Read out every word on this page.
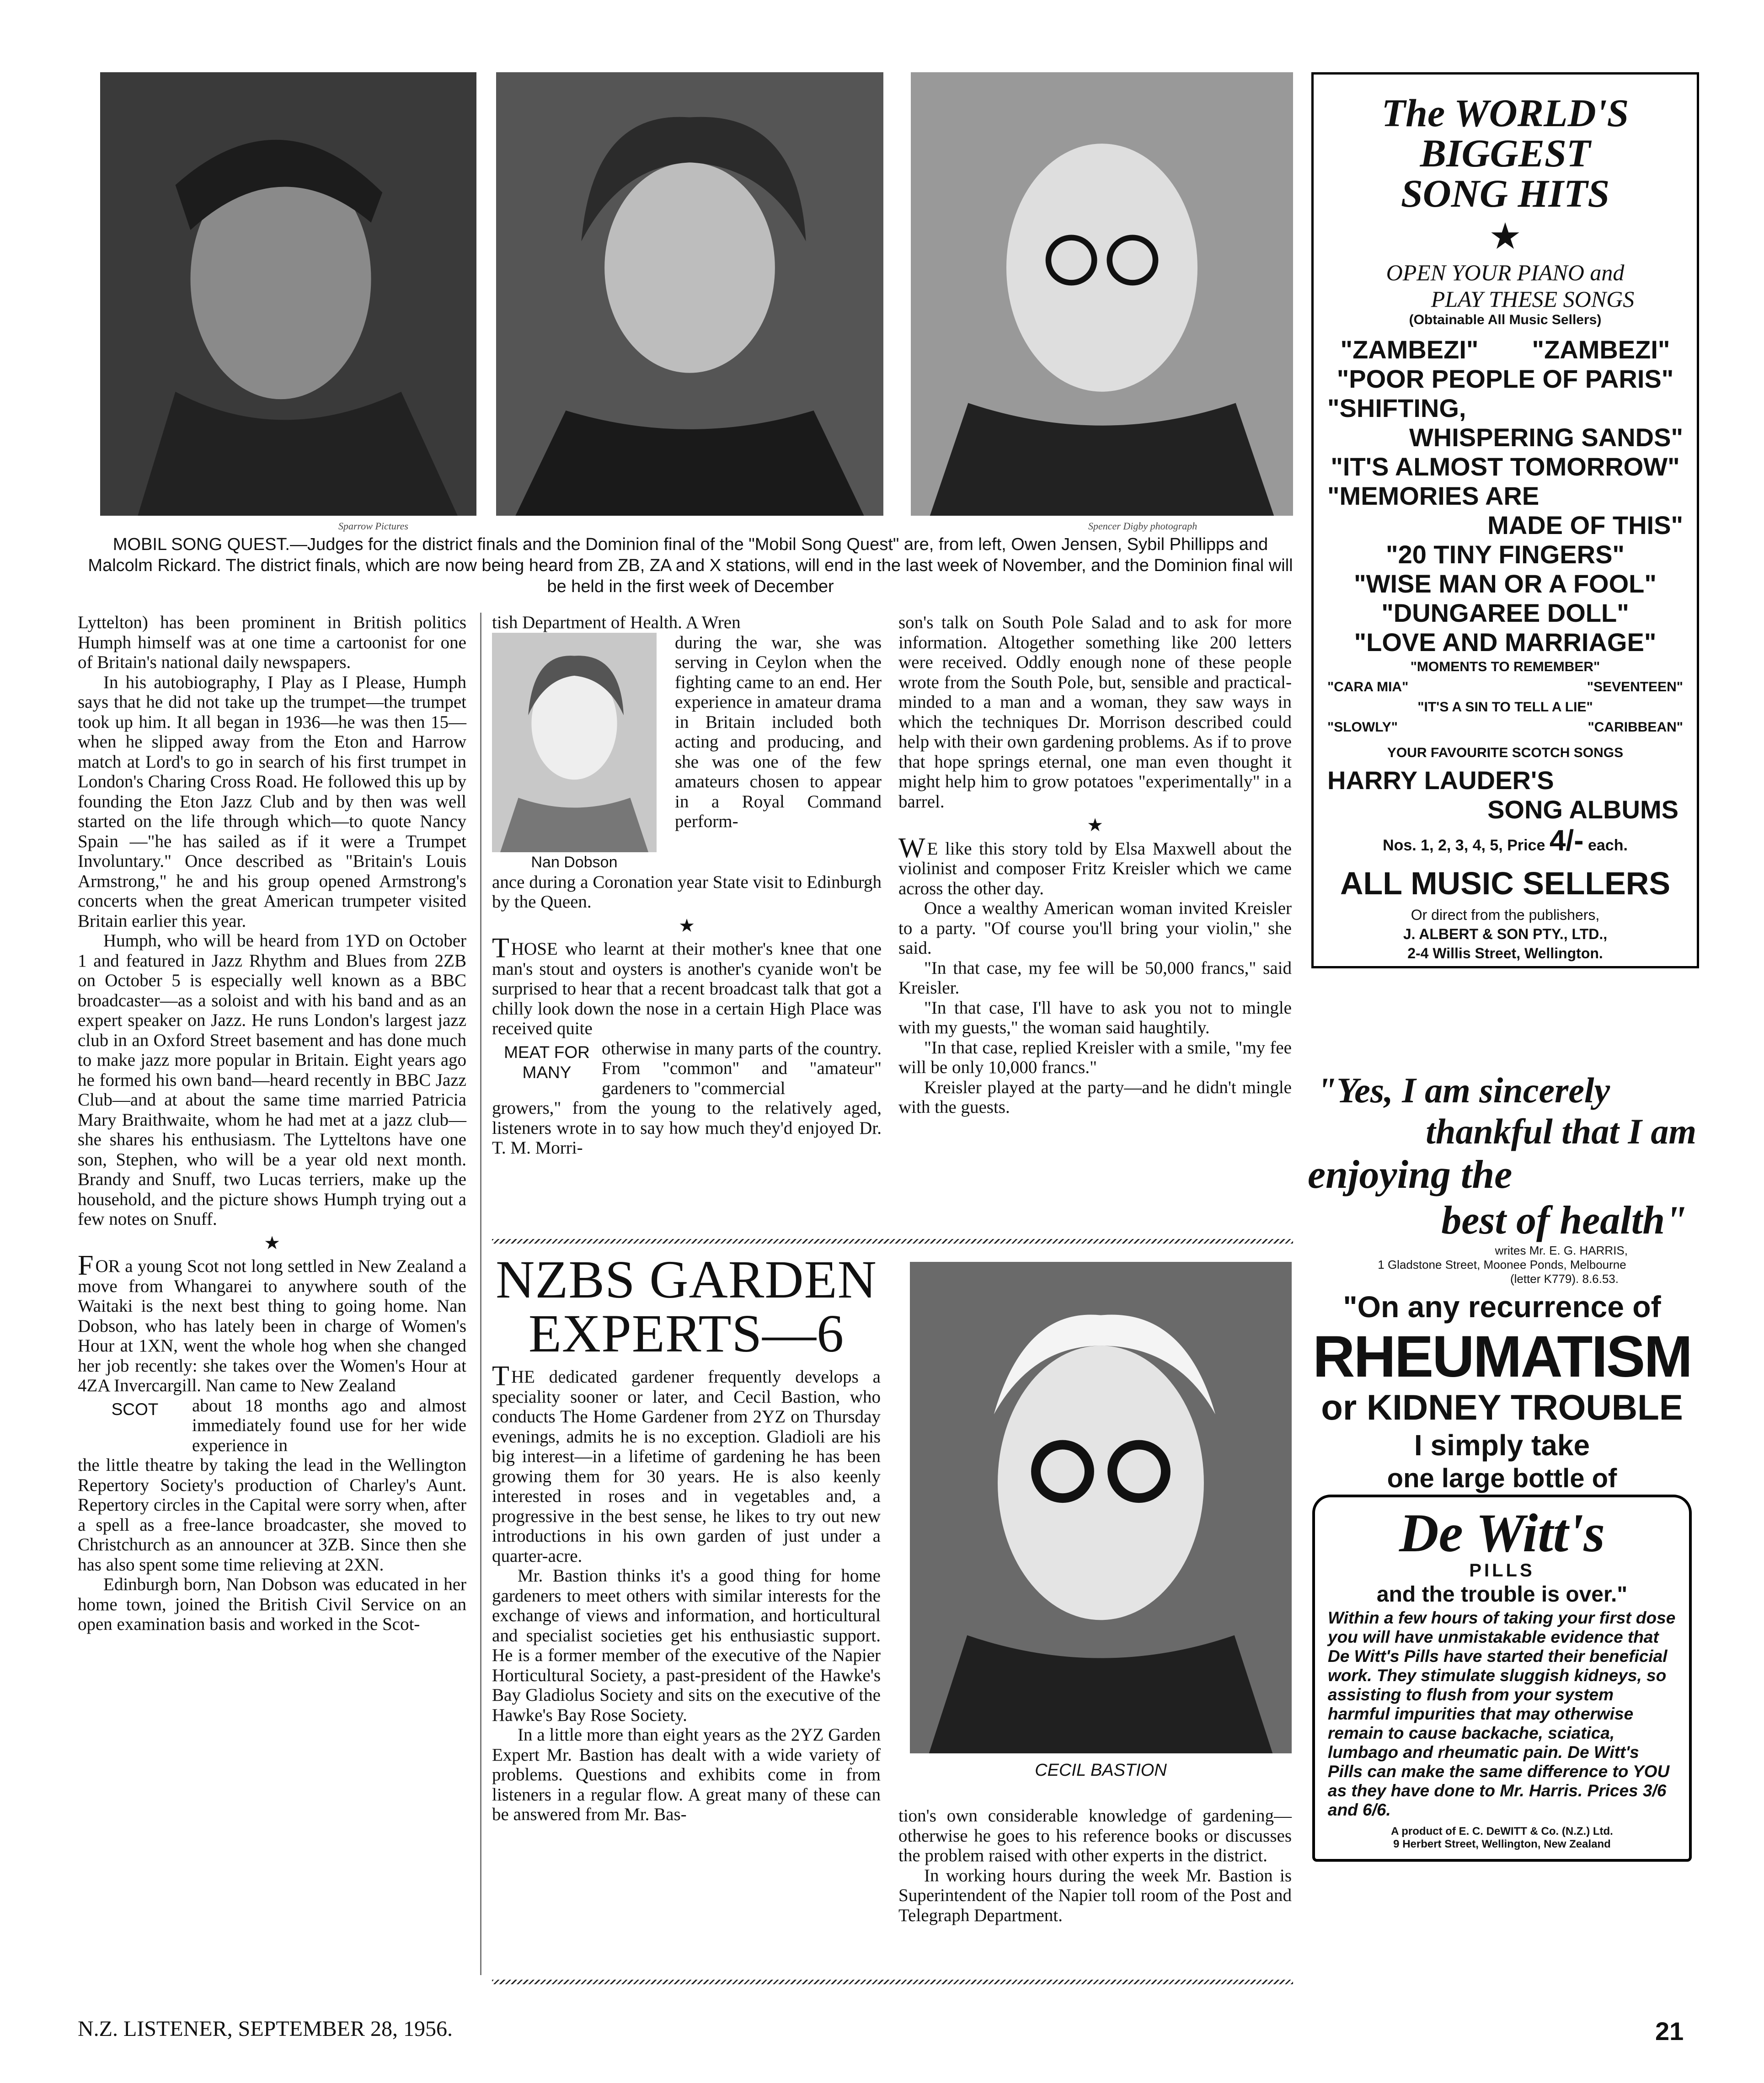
Sparrow Pictures	Spencer Digby photograph
MOBIL SONG QUEST.—Judges for the district finals and the Dominion final of the "Mobil Song Quest" are, from left, Owen Jensen, Sybil Phillipps and Malcolm Rickard. The district finals, which are now being heard from ZB, ZA and X stations, will end in the last week of November, and the Dominion final will be held in the first week of December

Lyttelton) has been prominent in British politics Humph himself was at one time a cartoonist for one of Britain's national daily newspapers.

In his autobiography, I Play as I Please, Humph says that he did not take up the trumpet—the trumpet took up him. It all began in 1936—he was then 15—when he slipped away from the Eton and Harrow match at Lord's to go in search of his first trumpet in London's Charing Cross Road. He followed this up by founding the Eton Jazz Club and by then was well started on the life through which—to quote Nancy Spain —"he has sailed as if it were a Trumpet Involuntary." Once described as "Britain's Louis Armstrong," he and his group opened Armstrong's concerts when the great American trumpeter visited Britain earlier this year.

Humph, who will be heard from 1YD on October 1 and featured in Jazz Rhythm and Blues from 2ZB on October 5 is especially well known as a BBC broadcaster—as a soloist and with his band and as an expert speaker on Jazz. He runs London's largest jazz club in an Oxford Street basement and has done much to make jazz more popular in Britain. Eight years ago he formed his own band—heard recently in BBC Jazz Club—and at about the same time married Patricia Mary Braithwaite, whom he had met at a jazz club—she shares his enthusiasm. The Lytteltons have one son, Stephen, who will be a year old next month. Brandy and Snuff, two Lucas terriers, make up the household, and the picture shows Humph trying out a few notes on Snuff.

★

FOR a young Scot not long settled in New Zealand a move from Whangarei to anywhere south of the Waitaki is the next best thing to going home. Nan Dobson, who has lately been in charge of Women's Hour at 1XN, went the whole hog when she changed her job recently: she takes over the Women's Hour at 4ZA Invercargill. Nan came to New Zealand

SCOT	about 18 months ago and almost immediately found use for her wide experience in

the little theatre by taking the lead in the Wellington Repertory Society's production of Charley's Aunt. Repertory circles in the Capital were sorry when, after a spell as a free-lance broadcaster, she moved to Christchurch as an announcer at 3ZB. Since then she has also spent some time relieving at 2XN.

Edinburgh born, Nan Dobson was educated in her home town, joined the British Civil Service on an open examination basis and worked in the Scot-

tish Department of Health. A Wren

Nan Dobson

during the war, she was serving in Ceylon when the fighting came to an end. Her experience in amateur drama in Britain included both acting and producing, and she was one of the few amateurs chosen to appear in a Royal Command perform-

ance during a Coronation year State visit to Edinburgh by the Queen.

★

THOSE who learnt at their mother's knee that one man's stout and oysters is another's cyanide won't be surprised to hear that a recent broadcast talk that got a chilly look down the nose in a certain High Place was received quite

MEAT FOR MANY

otherwise in many parts of the country. From "common" and "amateur" gardeners to "commercial

growers," from the young to the relatively aged, listeners wrote in to say how much they'd enjoyed Dr. T. M. Morri-

son's talk on South Pole Salad and to ask for more information. Altogether something like 200 letters were received. Oddly enough none of these people wrote from the South Pole, but, sensible and practical-minded to a man and a woman, they saw ways in which the techniques Dr. Morrison described could help with their own gardening problems. As if to prove that hope springs eternal, one man even thought it might help him to grow potatoes "experimentally" in a barrel.

★

W E like this story told by Elsa Maxwell about the violinist and composer Fritz Kreisler which we came across the other day.

Once a wealthy American woman invited Kreisler to a party. "Of course you'll bring your violin," she said.

"In that case, my fee will be 50,000 francs," said Kreisler.

"In that case, I'll have to ask you not to mingle with my guests," the woman said haughtily.

"In that case, replied Kreisler with a smile, "my fee will be only 10,000 francs."

Kreisler played at the party—and he didn't mingle with the guests.

NZBS GARDEN
EXPERTS—6

THE dedicated gardener frequently develops a speciality sooner or later, and Cecil Bastion, who conducts The Home Gardener from 2YZ on Thursday evenings, admits he is no exception. Gladioli are his big interest—in a lifetime of gardening he has been growing them for 30 years. He is also keenly interested in roses and in vegetables and, a progressive in the best sense, he likes to try out new introductions in his own garden of just under a quarter-acre.

Mr. Bastion thinks it's a good thing for home gardeners to meet others with similar interests for the exchange of views and information, and horticultural and specialist societies get his enthusiastic support. He is a former member of the executive of the Napier Horticultural Society, a past-president of the Hawke's Bay Gladiolus Society and sits on the executive of the Hawke's Bay Rose Society.

In a little more than eight years as the 2YZ Garden Expert Mr. Bastion has dealt with a wide variety of problems. Questions and exhibits come in from listeners in a regular flow. A great many of these can be answered from Mr. Bas-

CECIL BASTION

tion's own considerable knowledge of gardening—otherwise he goes to his reference books or discusses the problem raised with other experts in the district.

In working hours during the week Mr. Bastion is Superintendent of the Napier toll room of the Post and Telegraph Department.

The WORLD'S BIGGEST
SONG HITS
★
OPEN YOUR PIANO and
PLAY THESE SONGS
(Obtainable All Music Sellers)
"ZAMBEZI" "ZAMBEZI"
"POOR PEOPLE OF PARIS"
"SHIFTING,
WHISPERING SANDS"
"IT'S ALMOST TOMORROW"
"MEMORIES ARE
MADE OF THIS"
"20 TINY FINGERS"
"WISE MAN OR A FOOL"
"DUNGAREE DOLL"
"LOVE AND MARRIAGE"
"MOMENTS TO REMEMBER"
"CARA MIA"	"SEVENTEEN"
"IT'S A SIN TO TELL A LIE"
"SLOWLY"	"CARIBBEAN"
YOUR FAVOURITE SCOTCH SONGS
HARRY LAUDER'S
SONG ALBUMS
Nos. 1, 2, 3, 4, 5, Price 4/- each.
ALL MUSIC SELLERS
Or direct from the publishers,
J. ALBERT & SON PTY., LTD.,
2-4 Willis Street, Wellington.
"Yes, I am sincerely
thankful that I am
enjoying the
best of health"
writes Mr. E. G. HARRIS,
1 Gladstone Street, Moonee Ponds, Melbourne
(letter K779). 8.6.53.
"On any recurrence of
RHEUMATISM
or KIDNEY TROUBLE
I simply take
one large bottle of
De Witt's
PILLS
and the trouble is over."
Within a few hours of taking your first dose you will have unmistakable evidence that De Witt's Pills have started their beneficial work. They stimulate sluggish kidneys, so assisting to flush from your system harmful impurities that may otherwise remain to cause backache, sciatica, lumbago and rheumatic pain. De Witt's Pills can make the same difference to YOU as they have done to Mr. Harris. Prices 3/6 and 6/6.
A product of E. C. DeWITT & Co. (N.Z.) Ltd.
9 Herbert Street, Wellington, New Zealand
N.Z. LISTENER, SEPTEMBER 28, 1956.	21
